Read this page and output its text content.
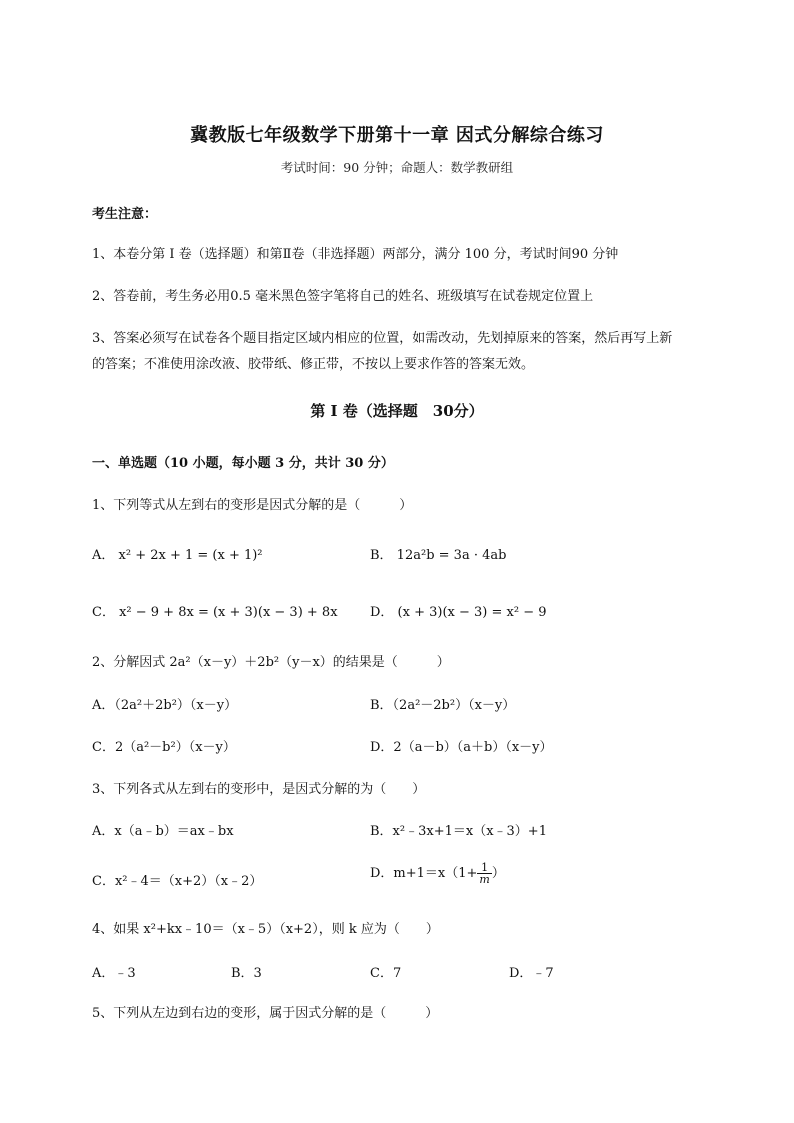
冀教版七年级数学下册第十一章 因式分解综合练习
考试时间：90 分钟；命题人：数学教研组
考生注意：
1、本卷分第 I 卷（选择题）和第Ⅱ卷（非选择题）两部分，满分 100 分，考试时间90 分钟
2、答卷前，考生务必用0.5 毫米黑色签字笔将自己的姓名、班级填写在试卷规定位置上
3、答案必须写在试卷各个题目指定区域内相应的位置，如需改动，先划掉原来的答案，然后再写上新
的答案；不准使用涂改液、胶带纸、修正带，不按以上要求作答的答案无效。
第 I 卷（选择题　30分）
一、单选题（10 小题，每小题 3 分，共计 30 分）
1、下列等式从左到右的变形是因式分解的是（　　　）
A． x² + 2x + 1 = (x + 1)²	B． 12a²b = 3a · 4ab
C． x² − 9 + 8x = (x + 3)(x − 3) + 8x D． (x + 3)(x − 3) = x² − 9
2、分解因式 2a²（x－y）＋2b²（y－x）的结果是（　　　）
A．（2a²＋2b²）（x－y）	B．（2a²－2b²）（x－y）
C．2（a²－b²）（x－y）	D．2（a－b）（a＋b）（x－y）
3、下列各式从左到右的变形中，是因式分解的为（　　）
A．x（a﹣b）＝ax﹣bx	B．x²﹣3x+1＝x（x﹣3）+1
C．x²﹣4＝（x+2）（x﹣2）
D．$m+1=x(1+ \frac{1}{m}$ ）
4、如果 x²+kx﹣10＝（x﹣5）（x+2），则 k 应为（　　）
A．﹣3	B．3	C．7	D．﹣7
5、下列从左边到右边的变形，属于因式分解的是（　　　）
